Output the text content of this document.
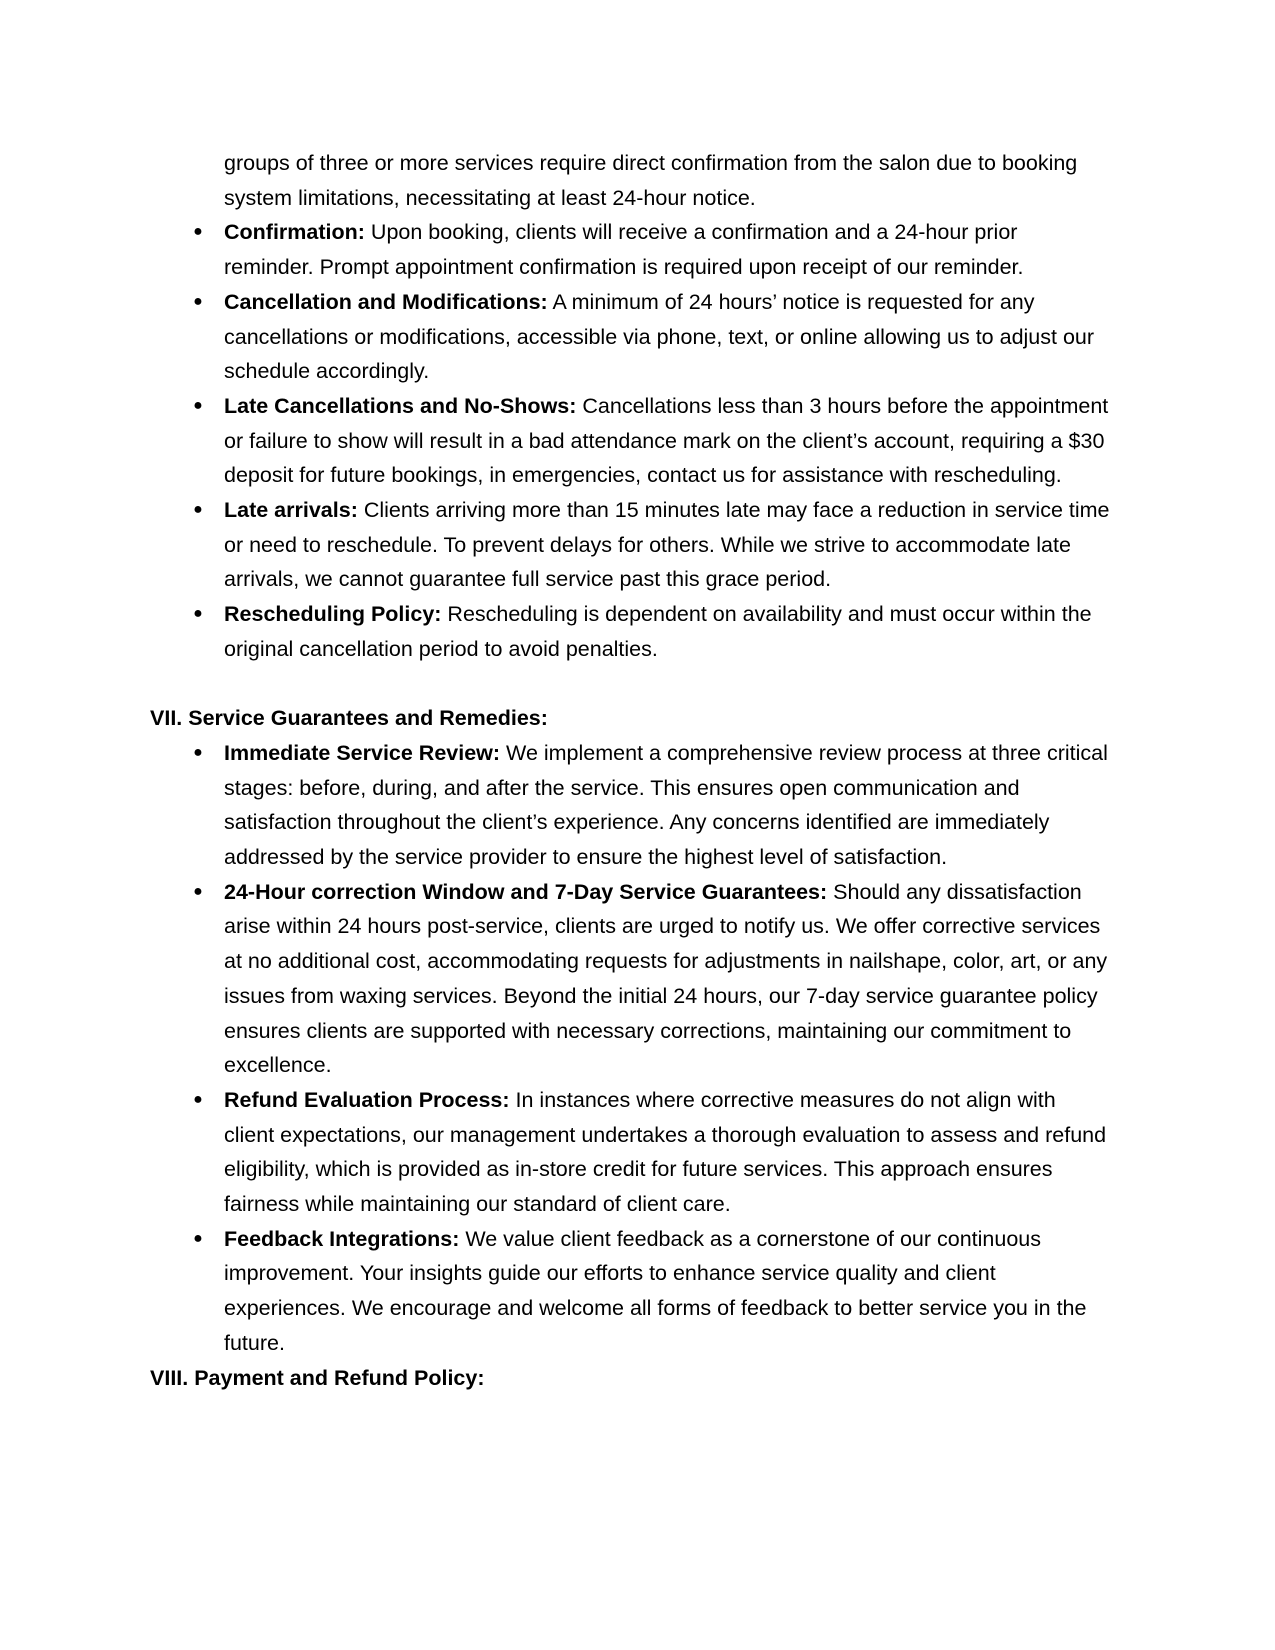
groups of three or more services require direct confirmation from the salon due to booking system limitations, necessitating at least 24-hour notice.

● Confirmation: Upon booking, clients will receive a confirmation and a 24-hour prior reminder. Prompt appointment confirmation is required upon receipt of our reminder.
● Cancellation and Modifications: A minimum of 24 hours’ notice is requested for any cancellations or modifications, accessible via phone, text, or online allowing us to adjust our schedule accordingly.
● Late Cancellations and No-Shows: Cancellations less than 3 hours before the appointment or failure to show will result in a bad attendance mark on the client’s account, requiring a $30 deposit for future bookings, in emergencies, contact us for assistance with rescheduling.
● Late arrivals: Clients arriving more than 15 minutes late may face a reduction in service time or need to reschedule. To prevent delays for others. While we strive to accommodate late arrivals, we cannot guarantee full service past this grace period.
● Rescheduling Policy: Rescheduling is dependent on availability and must occur within the original cancellation period to avoid penalties.

VII. Service Guarantees and Remedies:

● Immediate Service Review: We implement a comprehensive review process at three critical stages: before, during, and after the service. This ensures open communication and satisfaction throughout the client’s experience. Any concerns identified are immediately addressed by the service provider to ensure the highest level of satisfaction.
● 24-Hour correction Window and 7-Day Service Guarantees: Should any dissatisfaction arise within 24 hours post-service, clients are urged to notify us. We offer corrective services at no additional cost, accommodating requests for adjustments in nailshape, color, art, or any issues from waxing services. Beyond the initial 24 hours, our 7-day service guarantee policy ensures clients are supported with necessary corrections, maintaining our commitment to excellence.
● Refund Evaluation Process: In instances where corrective measures do not align with client expectations, our management undertakes a thorough evaluation to assess and refund eligibility, which is provided as in-store credit for future services. This approach ensures fairness while maintaining our standard of client care.
● Feedback Integrations: We value client feedback as a cornerstone of our continuous improvement. Your insights guide our efforts to enhance service quality and client experiences. We encourage and welcome all forms of feedback to better service you in the future.

VIII. Payment and Refund Policy:
